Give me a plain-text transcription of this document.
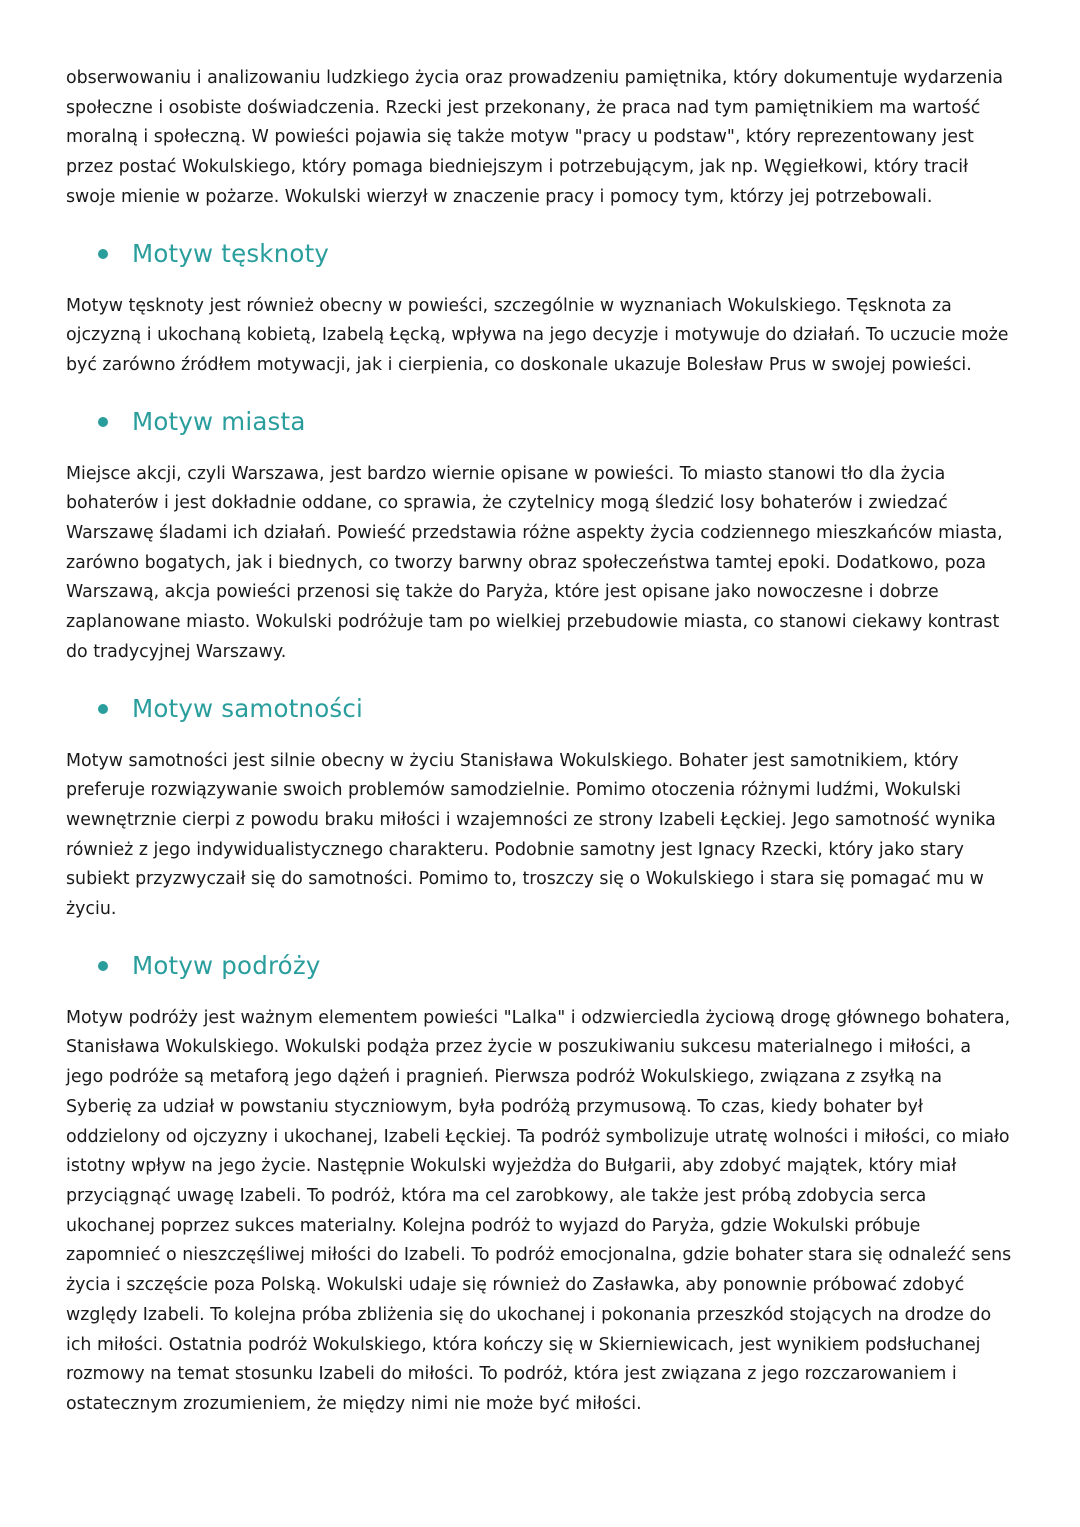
obserwowaniu i analizowaniu ludzkiego życia oraz prowadzeniu pamiętnika, który dokumentuje wydarzenia społeczne i osobiste doświadczenia. Rzecki jest przekonany, że praca nad tym pamiętnikiem ma wartość moralną i społeczną. W powieści pojawia się także motyw "pracy u podstaw", który reprezentowany jest przez postać Wokulskiego, który pomaga biedniejszym i potrzebującym, jak np. Węgiełkowi, który tracił swoje mienie w pożarze. Wokulski wierzył w znaczenie pracy i pomocy tym, którzy jej potrzebowali.

Motyw tęsknoty

Motyw tęsknoty jest również obecny w powieści, szczególnie w wyznaniach Wokulskiego. Tęsknota za ojczyzną i ukochaną kobietą, Izabelą Łęcką, wpływa na jego decyzje i motywuje do działań. To uczucie może być zarówno źródłem motywacji, jak i cierpienia, co doskonale ukazuje Bolesław Prus w swojej powieści.

Motyw miasta

Miejsce akcji, czyli Warszawa, jest bardzo wiernie opisane w powieści. To miasto stanowi tło dla życia bohaterów i jest dokładnie oddane, co sprawia, że czytelnicy mogą śledzić losy bohaterów i zwiedzać Warszawę śladami ich działań. Powieść przedstawia różne aspekty życia codziennego mieszkańców miasta, zarówno bogatych, jak i biednych, co tworzy barwny obraz społeczeństwa tamtej epoki. Dodatkowo, poza Warszawą, akcja powieści przenosi się także do Paryża, które jest opisane jako nowoczesne i dobrze zaplanowane miasto. Wokulski podróżuje tam po wielkiej przebudowie miasta, co stanowi ciekawy kontrast do tradycyjnej Warszawy.

Motyw samotności

Motyw samotności jest silnie obecny w życiu Stanisława Wokulskiego. Bohater jest samotnikiem, który preferuje rozwiązywanie swoich problemów samodzielnie. Pomimo otoczenia różnymi ludźmi, Wokulski wewnętrznie cierpi z powodu braku miłości i wzajemności ze strony Izabeli Łęckiej. Jego samotność wynika również z jego indywidualistycznego charakteru. Podobnie samotny jest Ignacy Rzecki, który jako stary subiekt przyzwyczaił się do samotności. Pomimo to, troszczy się o Wokulskiego i stara się pomagać mu w życiu.

Motyw podróży

Motyw podróży jest ważnym elementem powieści "Lalka" i odzwierciedla życiową drogę głównego bohatera, Stanisława Wokulskiego. Wokulski podąża przez życie w poszukiwaniu sukcesu materialnego i miłości, a jego podróże są metaforą jego dążeń i pragnień. Pierwsza podróż Wokulskiego, związana z zsyłką na Syberię za udział w powstaniu styczniowym, była podróżą przymusową. To czas, kiedy bohater był oddzielony od ojczyzny i ukochanej, Izabeli Łęckiej. Ta podróż symbolizuje utratę wolności i miłości, co miało istotny wpływ na jego życie. Następnie Wokulski wyjeżdża do Bułgarii, aby zdobyć majątek, który miał przyciągnąć uwagę Izabeli. To podróż, która ma cel zarobkowy, ale także jest próbą zdobycia serca ukochanej poprzez sukces materialny. Kolejna podróż to wyjazd do Paryża, gdzie Wokulski próbuje zapomnieć o nieszczęśliwej miłości do Izabeli. To podróż emocjonalna, gdzie bohater stara się odnaleźć sens życia i szczęście poza Polską. Wokulski udaje się również do Zasławka, aby ponownie próbować zdobyć względy Izabeli. To kolejna próba zbliżenia się do ukochanej i pokonania przeszkód stojących na drodze do ich miłości. Ostatnia podróż Wokulskiego, która kończy się w Skierniewicach, jest wynikiem podsłuchanej rozmowy na temat stosunku Izabeli do miłości. To podróż, która jest związana z jego rozczarowaniem i ostatecznym zrozumieniem, że między nimi nie może być miłości.
